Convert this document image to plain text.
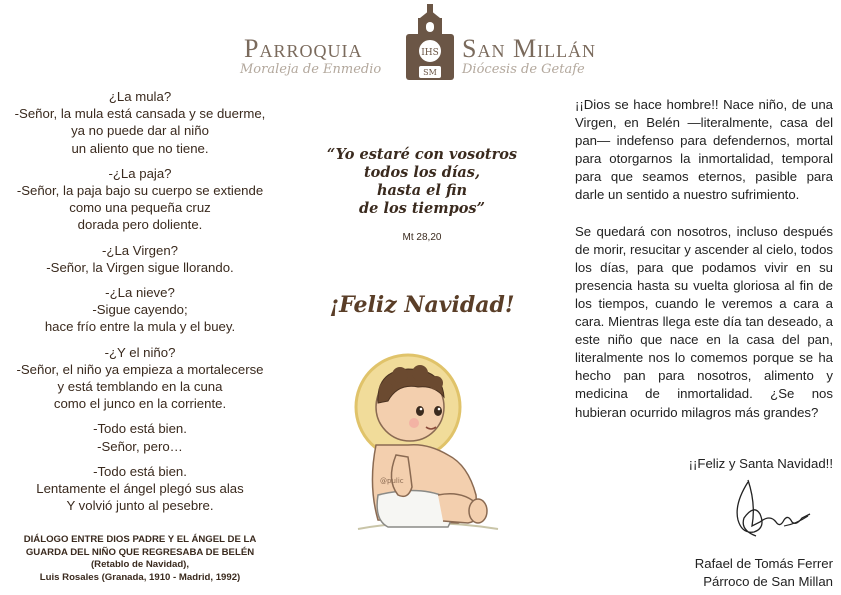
Parroquia
Moralеja de Enmedio
IHS
SM
San Millán
Diócesis de Getafe
¿La mula?
-Señor, la mula está cansada y se duerme,
ya no puede dar al niño
un aliento que no tiene.
-¿La paja?
-Señor, la paja bajo su cuerpo se extiende
como una pequeña cruz
dorada pero doliente.
-¿La Virgen?
-Señor, la Virgen sigue llorando.
-¿La nieve?
-Sigue cayendo;
hace frío entre la mula y el buey.
-¿Y el niño?
-Señor, el niño ya empieza a mortalecerse
y está temblando en la cuna
como el junco en la corriente.
-Todo está bien.
-Señor, pero…
-Todo está bien.
Lentamente el ángel plegó sus alas
Y volvió junto al pesebre.
DIÁLOGO ENTRE DIOS PADRE Y EL ÁNGEL DE LA
GUARDA DEL NIÑO QUE REGRESABA DE BELÉN
(Retablo de Navidad),
Luis Rosales (Granada, 1910 - Madrid, 1992)
“Yo estaré con vosotros
todos los días,
hasta el fin
de los tiempos”
Mt 28,20
¡Feliz Navidad!
@pulic

¡¡Dios se hace hombre!! Nace niño, de una Virgen, en Belén —literalmente, casa del pan— indefenso para defendernos, mortal para otorgarnos la inmortalidad, temporal para que seamos eternos, pasible para darle un sentido a nuestro sufrimiento.

Se quedará con nosotros, incluso después de morir, resucitar y ascender al cielo, todos los días, para que podamos vivir en su presencia hasta su vuelta gloriosa al fin de los tiempos, cuando le veremos a cara a cara. Mientras llega este día tan deseado, a este niño que nace en la casa del pan, literalmente nos lo comemos porque se ha hecho pan para nosotros, alimento y medicina de inmortalidad. ¿Se nos hubieran ocurrido milagros más grandes?

¡¡Feliz y Santa Navidad!!
Rafael de Tomás Ferrer
Párroco de San Millan
